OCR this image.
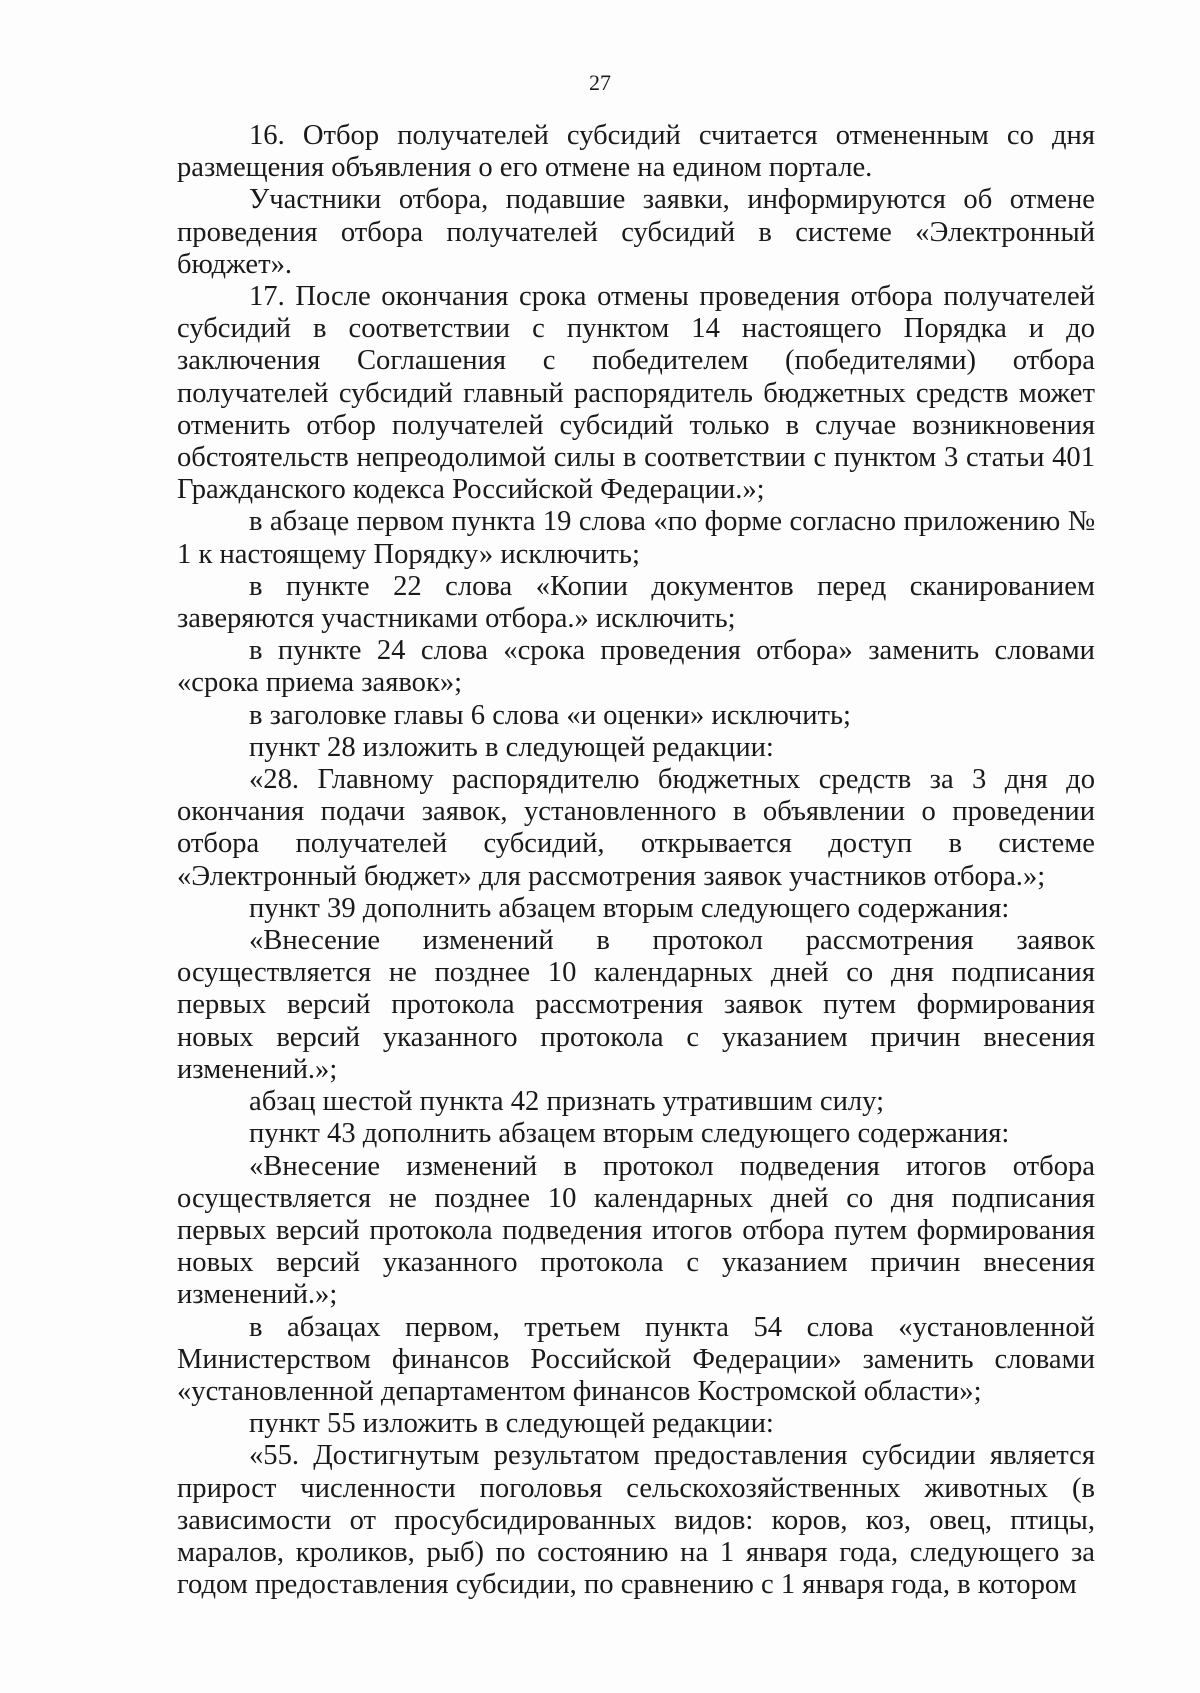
27

16. Отбор получателей субсидий считается отмененным со дня размещения объявления о его отмене на едином портале.

Участники отбора, подавшие заявки, информируются об отмене проведения отбора получателей субсидий в системе «Электронный бюджет».

17. После окончания срока отмены проведения отбора получателей субсидий в соответствии с пунктом 14 настоящего Порядка и до заключения Соглашения с победителем (победителями) отбора получателей субсидий главный распорядитель бюджетных средств может отменить отбор получателей субсидий только в случае возникновения обстоятельств непреодолимой силы в соответствии с пунктом 3 статьи 401 Гражданского кодекса Российской Федерации.»;

в абзаце первом пункта 19 слова «по форме согласно приложению № 1 к настоящему Порядку» исключить;

в пункте 22 слова «Копии документов перед сканированием заверяются участниками отбора.» исключить;

в пункте 24 слова «срока проведения отбора» заменить словами «срока приема заявок»;

в заголовке главы 6 слова «и оценки» исключить;

пункт 28 изложить в следующей редакции:

«28. Главному распорядителю бюджетных средств за 3 дня до окончания подачи заявок, установленного в объявлении о проведении отбора получателей субсидий, открывается доступ в системе «Электронный бюджет» для рассмотрения заявок участников отбора.»;

пункт 39 дополнить абзацем вторым следующего содержания:

«Внесение изменений в протокол рассмотрения заявок осуществляется не позднее 10 календарных дней со дня подписания первых версий протокола рассмотрения заявок путем формирования новых версий указанного протокола с указанием причин внесения изменений.»;

абзац шестой пункта 42 признать утратившим силу;

пункт 43 дополнить абзацем вторым следующего содержания:

«Внесение изменений в протокол подведения итогов отбора осуществляется не позднее 10 календарных дней со дня подписания первых версий протокола подведения итогов отбора путем формирования новых версий указанного протокола с указанием причин внесения изменений.»;

в абзацах первом, третьем пункта 54 слова «установленной Министерством финансов Российской Федерации» заменить словами «установленной департаментом финансов Костромской области»;

пункт 55 изложить в следующей редакции:

«55. Достигнутым результатом предоставления субсидии является прирост численности поголовья сельскохозяйственных животных (в зависимости от просубсидированных видов: коров, коз, овец, птицы, маралов, кроликов, рыб) по состоянию на 1 января года, следующего за годом предоставления субсидии, по сравнению с 1 января года, в котором
